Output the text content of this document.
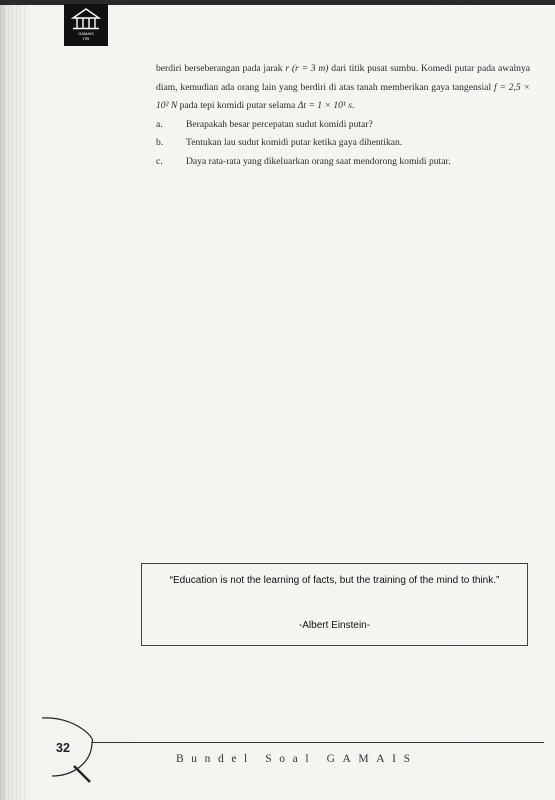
GAMAIS
ITB

berdiri berseberangan pada jarak r (r = 3 m) dari titik pusat sumbu. Komedi putar pada awalnya diam, kemudian ada orang lain yang berdiri di atas tanah memberikan gaya tangensial f = 2,5 × 10² N pada tepi komidi putar selama Δt = 1 × 10¹ s.

a.	Berapakah besar percepatan sudut komidi putar?
b.	Tentukan lau sudut komidi putar ketika gaya dihentikan.
c.	Daya rata-rata yang dikeluarkan orang saat mendorong komidi putar.
“Education is not the learning of facts, but the training of the mind to think.”
-Albert Einstein-
32
Bundel Soal GAMAIS
